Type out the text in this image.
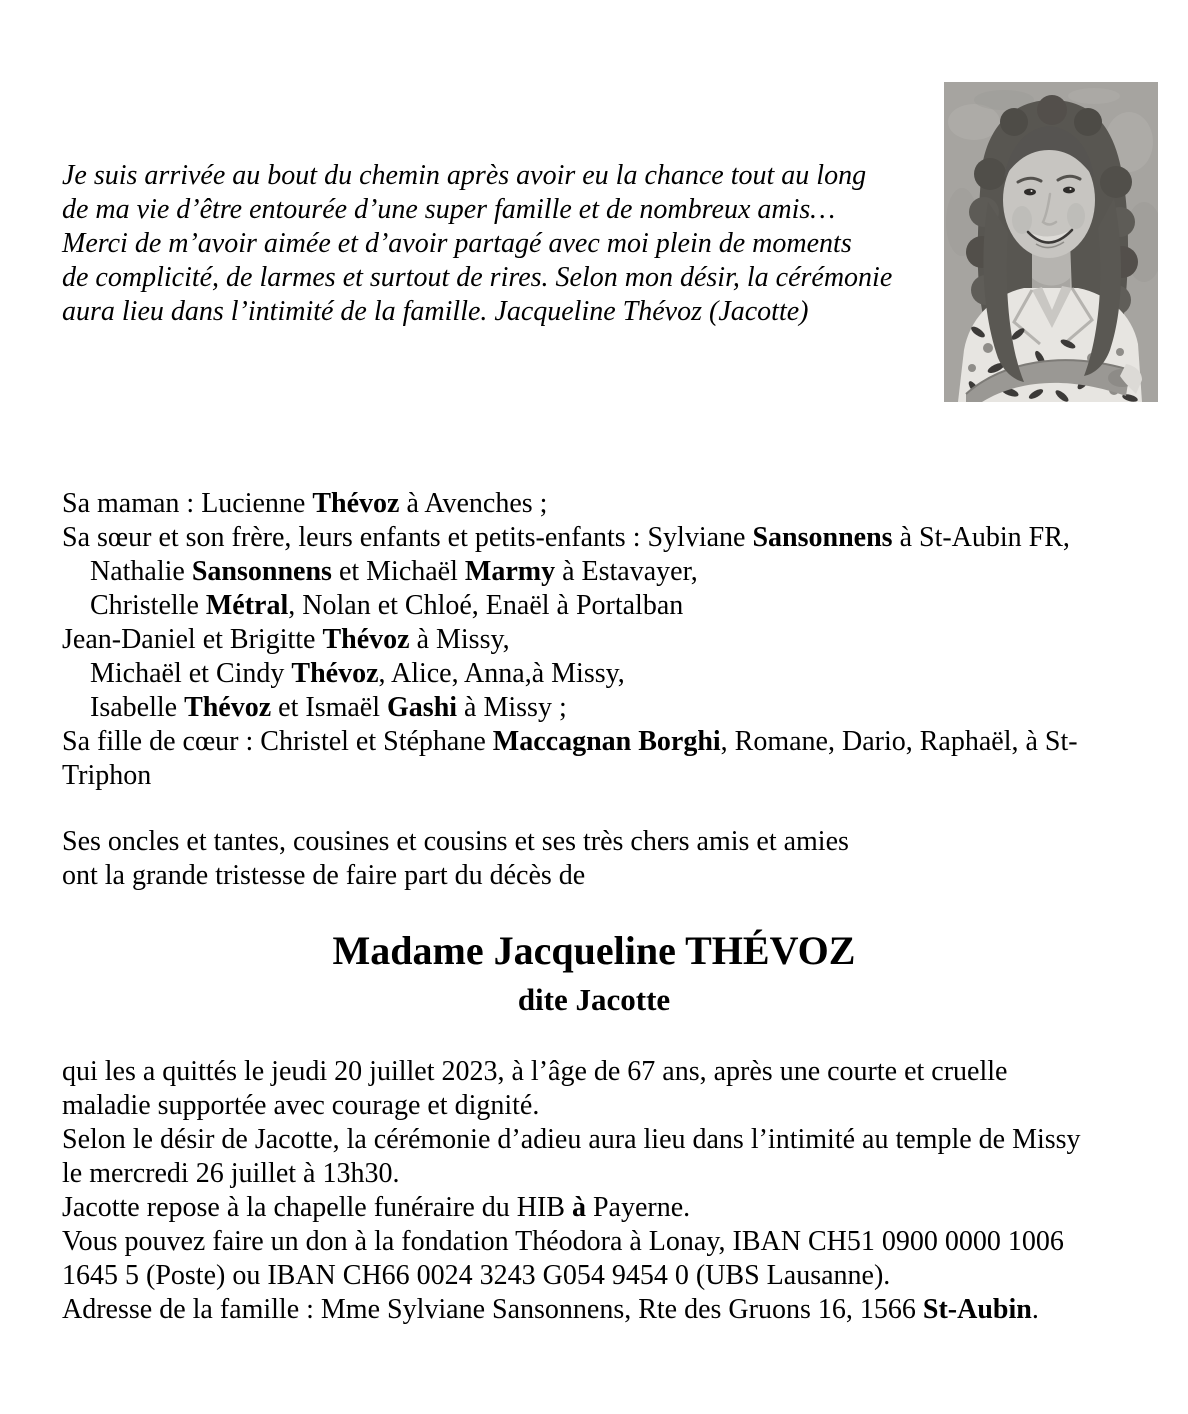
Je suis arrivée au bout du chemin après avoir eu la chance tout au long
de ma vie d’être entourée d’une super famille et de nombreux amis…
Merci de m’avoir aimée et d’avoir partagé avec moi plein de moments
de complicité, de larmes et surtout de rires. Selon mon désir, la cérémonie
aura lieu dans l’intimité de la famille. Jacqueline Thévoz (Jacotte)
Sa maman : Lucienne Thévoz à Avenches ;
Sa sœur et son frère, leurs enfants et petits-enfants : Sylviane Sansonnens à St-Aubin FR,
Nathalie Sansonnens et Michaël Marmy à Estavayer,
Christelle Métral, Nolan et Chloé, Enaël à Portalban
Jean-Daniel et Brigitte Thévoz à Missy,
Michaël et Cindy Thévoz, Alice, Anna,à Missy,
Isabelle Thévoz et Ismaël Gashi à Missy ;
Sa fille de cœur : Christel et Stéphane Maccagnan Borghi, Romane, Dario, Raphaël, à St-
Triphon
Ses oncles et tantes, cousines et cousins et ses très chers amis et amies
ont la grande tristesse de faire part du décès de
Madame Jacqueline THÉVOZ
dite Jacotte
qui les a quittés le jeudi 20 juillet 2023, à l’âge de 67 ans, après une courte et cruelle
maladie supportée avec courage et dignité.
Selon le désir de Jacotte, la cérémonie d’adieu aura lieu dans l’intimité au temple de Missy
le mercredi 26 juillet à 13h30.
Jacotte repose à la chapelle funéraire du HIB à Payerne.
Vous pouvez faire un don à la fondation Théodora à Lonay, IBAN CH51 0900 0000 1006
1645 5 (Poste) ou IBAN CH66 0024 3243 G054 9454 0 (UBS Lausanne).
Adresse de la famille : Mme Sylviane Sansonnens, Rte des Gruons 16, 1566 St-Aubin.
